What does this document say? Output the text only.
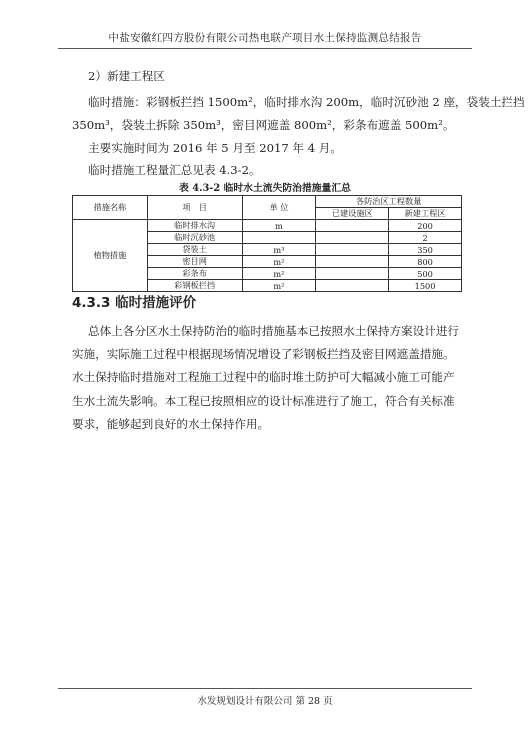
中盐安徽红四方股份有限公司热电联产项目水土保持监测总结报告
2）新建工程区
临时措施：彩钢板拦挡 1500m²，临时排水沟 200m，临时沉砂池 2 座，袋装土拦挡
350m³，袋装土拆除 350m³，密目网遮盖 800m²，彩条布遮盖 500m²。
主要实施时间为 2016 年 5 月至 2017 年 4 月。
临时措施工程量汇总见表 4.3-2。
表 4.3-2 临时水土流失防治措施量汇总
措施名称	项　目	单 位	各防治区工程数量	
			已建设施区	新建工程区
植物措施	临时排水沟	m		200
	临时沉砂池			2
	袋装土	m³		350
	密目网	m²		800
	彩条布	m²		500
	彩钢板拦挡	m²		1500
4.3.3 临时措施评价
总体上各分区水土保持防治的临时措施基本已按照水土保持方案设计进行实施，实际施工过程中根据现场情况增设了彩钢板拦挡及密目网遮盖措施。水土保持临时措施对工程施工过程中的临时堆土防护可大幅减小施工可能产生水土流失影响。本工程已按照相应的设计标准进行了施工，符合有关标准要求，能够起到良好的水土保持作用。
水发规划设计有限公司 第 28 页
